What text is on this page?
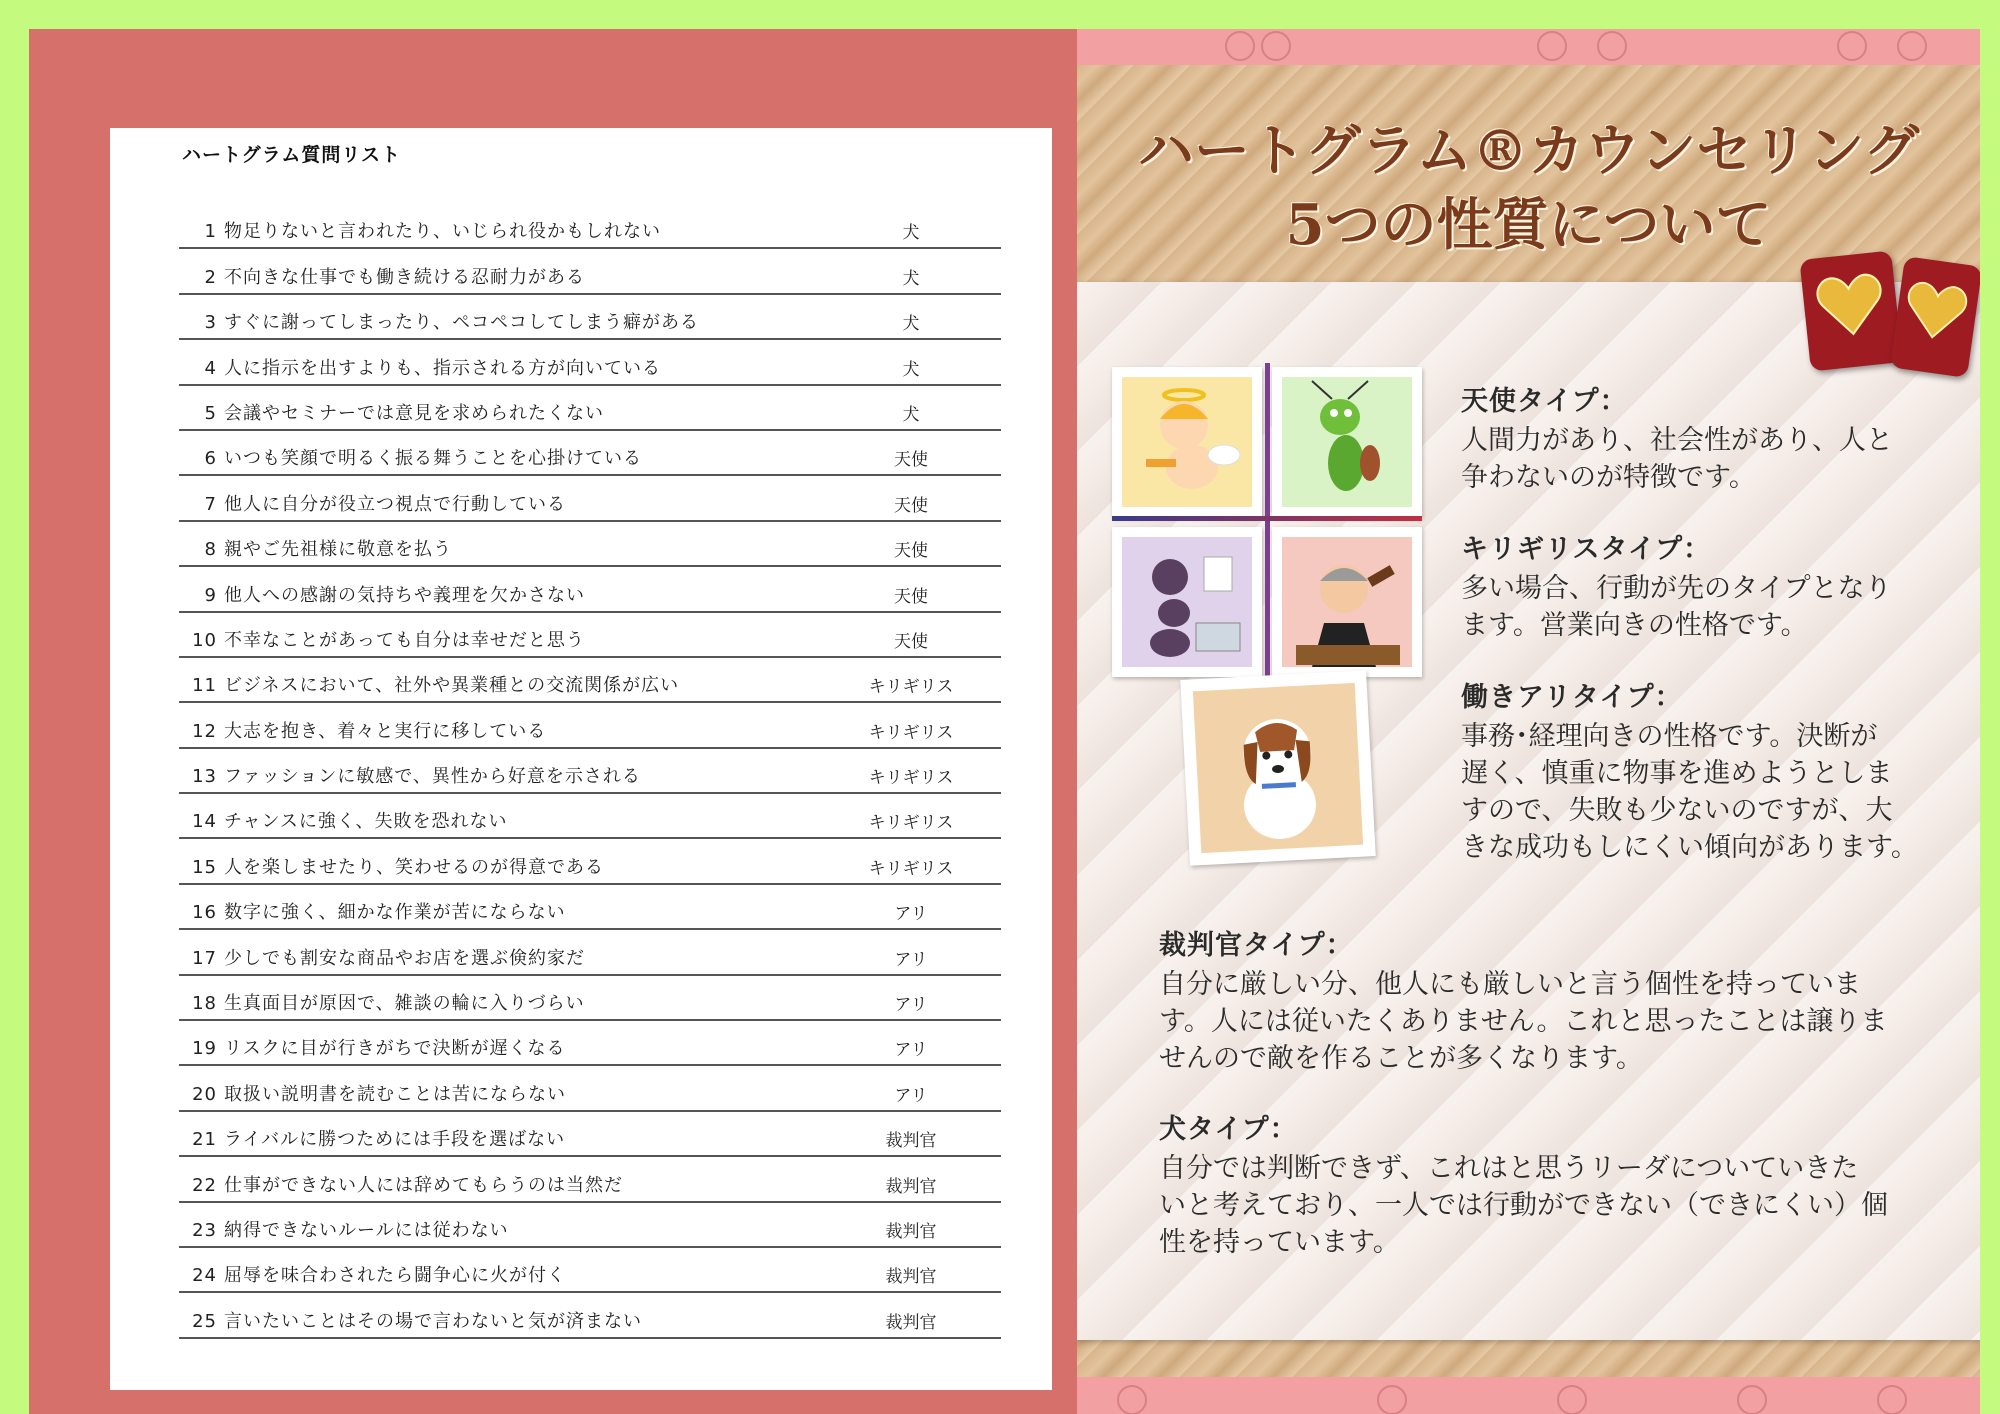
ハートグラム質問リスト
1 物足りないと言われたり、いじられ役かもしれない	犬
2 不向きな仕事でも働き続ける忍耐力がある	犬
3 すぐに謝ってしまったり、ペコペコしてしまう癖がある	犬
4 人に指示を出すよりも、指示される方が向いている	犬
5 会議やセミナーでは意見を求められたくない	犬
6 いつも笑顔で明るく振る舞うことを心掛けている	天使
7 他人に自分が役立つ視点で行動している	天使
8 親やご先祖様に敬意を払う	天使
9 他人への感謝の気持ちや義理を欠かさない	天使
10 不幸なことがあっても自分は幸せだと思う	天使
11 ビジネスにおいて、社外や異業種との交流関係が広い	キリギリス
12 大志を抱き、着々と実行に移している	キリギリス
13 ファッションに敏感で、異性から好意を示される	キリギリス
14 チャンスに強く、失敗を恐れない	キリギリス
15 人を楽しませたり、笑わせるのが得意である	キリギリス
16 数字に強く、細かな作業が苦にならない	アリ
17 少しでも割安な商品やお店を選ぶ倹約家だ	アリ
18 生真面目が原因で、雑談の輪に入りづらい	アリ
19 リスクに目が行きがちで決断が遅くなる	アリ
20 取扱い説明書を読むことは苦にならない	アリ
21 ライバルに勝つためには手段を選ばない	裁判官
22 仕事ができない人には辞めてもらうのは当然だ	裁判官
23 納得できないルールには従わない	裁判官
24 屈辱を味合わされたら闘争心に火が付く	裁判官
25 言いたいことはその場で言わないと気が済まない	裁判官
ハートグラム®カウンセリング
5つの性質について
天使タイプ：
人間力があり、社会性があり、人と
争わないのが特徴です。
キリギリスタイプ：
多い場合、行動が先のタイプとなり
ます。営業向きの性格です。
働きアリタイプ：
事務･経理向きの性格です。決断が
遅く、慎重に物事を進めようとしま
すので、失敗も少ないのですが、大
きな成功もしにくい傾向があります。
裁判官タイプ：
自分に厳しい分、他人にも厳しいと言う個性を持っていま
す。人には従いたくありません。これと思ったことは譲りま
せんので敵を作ることが多くなります。
犬タイプ：
自分では判断できず、これはと思うリーダについていきた
いと考えており、一人では行動ができない（できにくい）個
性を持っています。
